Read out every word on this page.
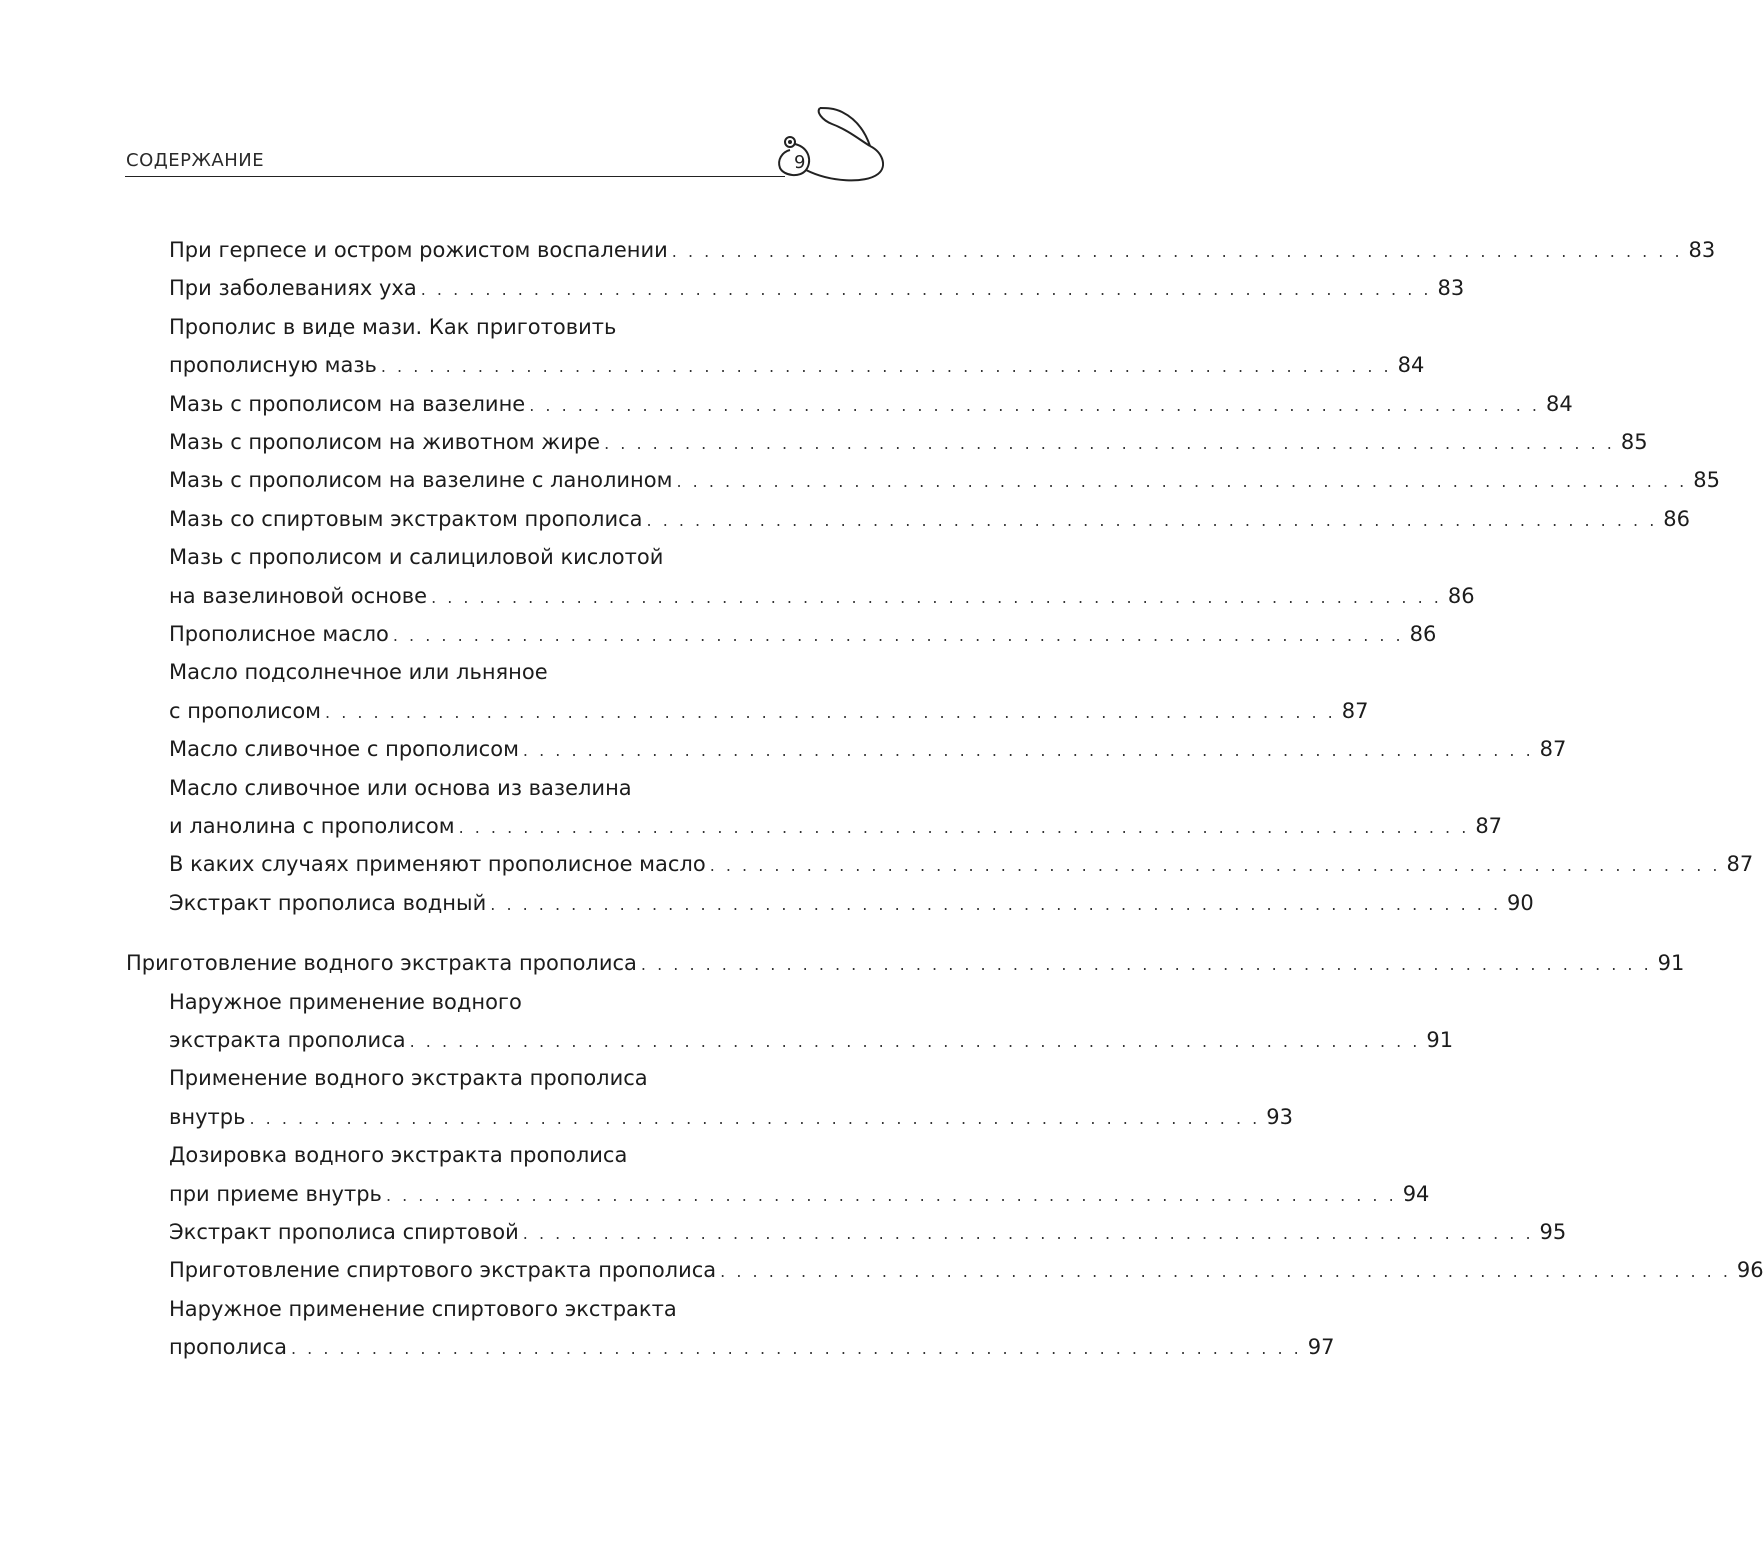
СОДЕРЖАНИЕ	9
При герпесе и остром рожистом воспалении . . . . . . . . . . . . . . . . . . . . . . . . . . . . . . . . . . . . . . . . . . . . . . . . . . . . . . . . . . . . . . . 83
При заболеваниях уха . . . . . . . . . . . . . . . . . . . . . . . . . . . . . . . . . . . . . . . . . . . . . . . . . . . . . . . . . . . . . . . 83
Прополис в виде мази. Как приготовить
прополисную мазь . . . . . . . . . . . . . . . . . . . . . . . . . . . . . . . . . . . . . . . . . . . . . . . . . . . . . . . . . . . . . . . 84
Мазь с прополисом на вазелине . . . . . . . . . . . . . . . . . . . . . . . . . . . . . . . . . . . . . . . . . . . . . . . . . . . . . . . . . . . . . . . 84
Мазь с прополисом на животном жире . . . . . . . . . . . . . . . . . . . . . . . . . . . . . . . . . . . . . . . . . . . . . . . . . . . . . . . . . . . . . . . 85
Мазь с прополисом на вазелине с ланолином . . . . . . . . . . . . . . . . . . . . . . . . . . . . . . . . . . . . . . . . . . . . . . . . . . . . . . . . . . . . . . . 85
Мазь со спиртовым экстрактом прополиса . . . . . . . . . . . . . . . . . . . . . . . . . . . . . . . . . . . . . . . . . . . . . . . . . . . . . . . . . . . . . . . 86
Мазь с прополисом и салициловой кислотой
на вазелиновой основе . . . . . . . . . . . . . . . . . . . . . . . . . . . . . . . . . . . . . . . . . . . . . . . . . . . . . . . . . . . . . . . 86
Прополисное масло . . . . . . . . . . . . . . . . . . . . . . . . . . . . . . . . . . . . . . . . . . . . . . . . . . . . . . . . . . . . . . . 86
Масло подсолнечное или льняное
с прополисом . . . . . . . . . . . . . . . . . . . . . . . . . . . . . . . . . . . . . . . . . . . . . . . . . . . . . . . . . . . . . . . 87
Масло сливочное с прополисом . . . . . . . . . . . . . . . . . . . . . . . . . . . . . . . . . . . . . . . . . . . . . . . . . . . . . . . . . . . . . . . 87
Масло сливочное или основа из вазелина
и ланолина с прополисом . . . . . . . . . . . . . . . . . . . . . . . . . . . . . . . . . . . . . . . . . . . . . . . . . . . . . . . . . . . . . . . 87
В каких случаях применяют прополисное масло . . . . . . . . . . . . . . . . . . . . . . . . . . . . . . . . . . . . . . . . . . . . . . . . . . . . . . . . . . . . . . . 87
Экстракт прополиса водный . . . . . . . . . . . . . . . . . . . . . . . . . . . . . . . . . . . . . . . . . . . . . . . . . . . . . . . . . . . . . . . 90
Приготовление водного экстракта прополиса . . . . . . . . . . . . . . . . . . . . . . . . . . . . . . . . . . . . . . . . . . . . . . . . . . . . . . . . . . . . . . . 91
Наружное применение водного
экстракта прополиса . . . . . . . . . . . . . . . . . . . . . . . . . . . . . . . . . . . . . . . . . . . . . . . . . . . . . . . . . . . . . . . 91
Применение водного экстракта прополиса
внутрь . . . . . . . . . . . . . . . . . . . . . . . . . . . . . . . . . . . . . . . . . . . . . . . . . . . . . . . . . . . . . . . 93
Дозировка водного экстракта прополиса
при приеме внутрь . . . . . . . . . . . . . . . . . . . . . . . . . . . . . . . . . . . . . . . . . . . . . . . . . . . . . . . . . . . . . . . 94
Экстракт прополиса спиртовой . . . . . . . . . . . . . . . . . . . . . . . . . . . . . . . . . . . . . . . . . . . . . . . . . . . . . . . . . . . . . . . 95
Приготовление спиртового экстракта прополиса . . . . . . . . . . . . . . . . . . . . . . . . . . . . . . . . . . . . . . . . . . . . . . . . . . . . . . . . . . . . . . . 96
Наружное применение спиртового экстракта
прополиса . . . . . . . . . . . . . . . . . . . . . . . . . . . . . . . . . . . . . . . . . . . . . . . . . . . . . . . . . . . . . . . 97
